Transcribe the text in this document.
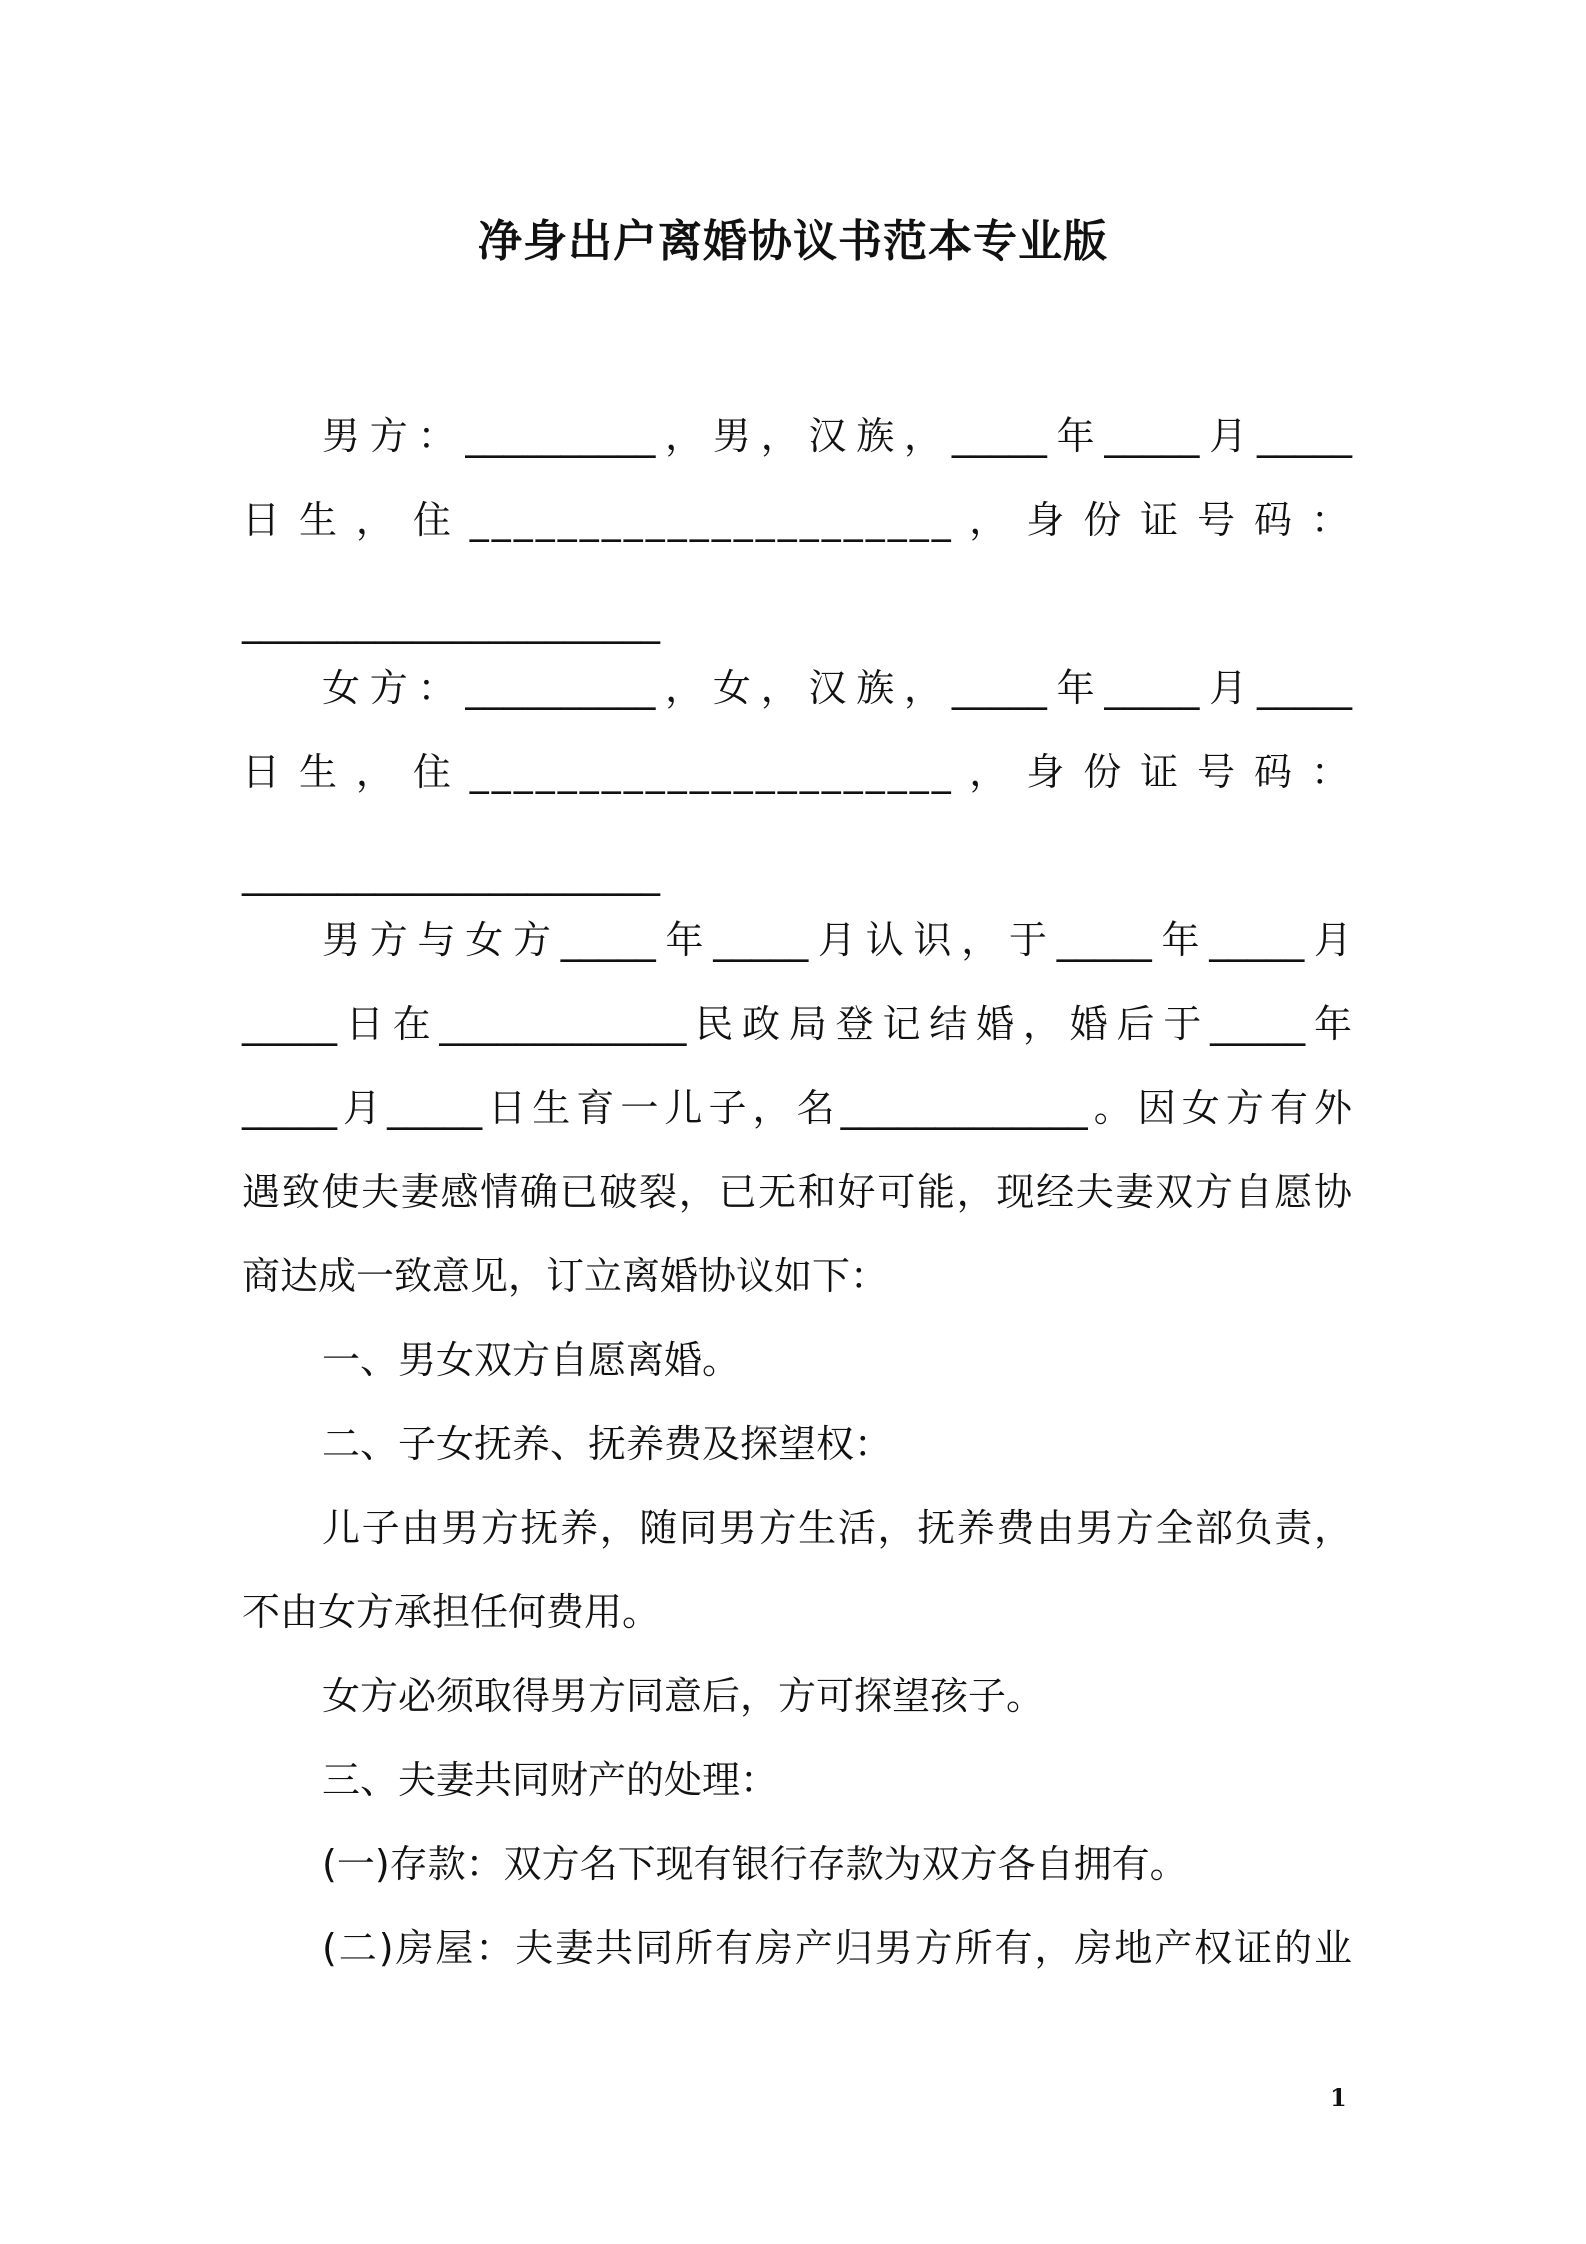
净身出户离婚协议书范本专业版
男方：__________，男，汉族，_____年_____月_____
日 生 ， 住 ______________________ ， 身 份 证 号 码 ：
______________________
女方：__________，女，汉族，_____年_____月_____
日 生 ， 住 ______________________ ， 身 份 证 号 码 ：
______________________
男方与女方_____年_____月认识，于_____年_____月
_____日在_____________民政局登记结婚，婚后于_____年
_____月_____日生育一儿子，名_____________。因女方有外
遇致使夫妻感情确已破裂，已无和好可能，现经夫妻双方自愿协
商达成一致意见，订立离婚协议如下：
一、男女双方自愿离婚。
二、子女抚养、抚养费及探望权：
儿子由男方抚养，随同男方生活，抚养费由男方全部负责，
不由女方承担任何费用。
女方必须取得男方同意后，方可探望孩子。
三、夫妻共同财产的处理：
(一)存款：双方名下现有银行存款为双方各自拥有。
(二)房屋：夫妻共同所有房产归男方所有，房地产权证的业
1
